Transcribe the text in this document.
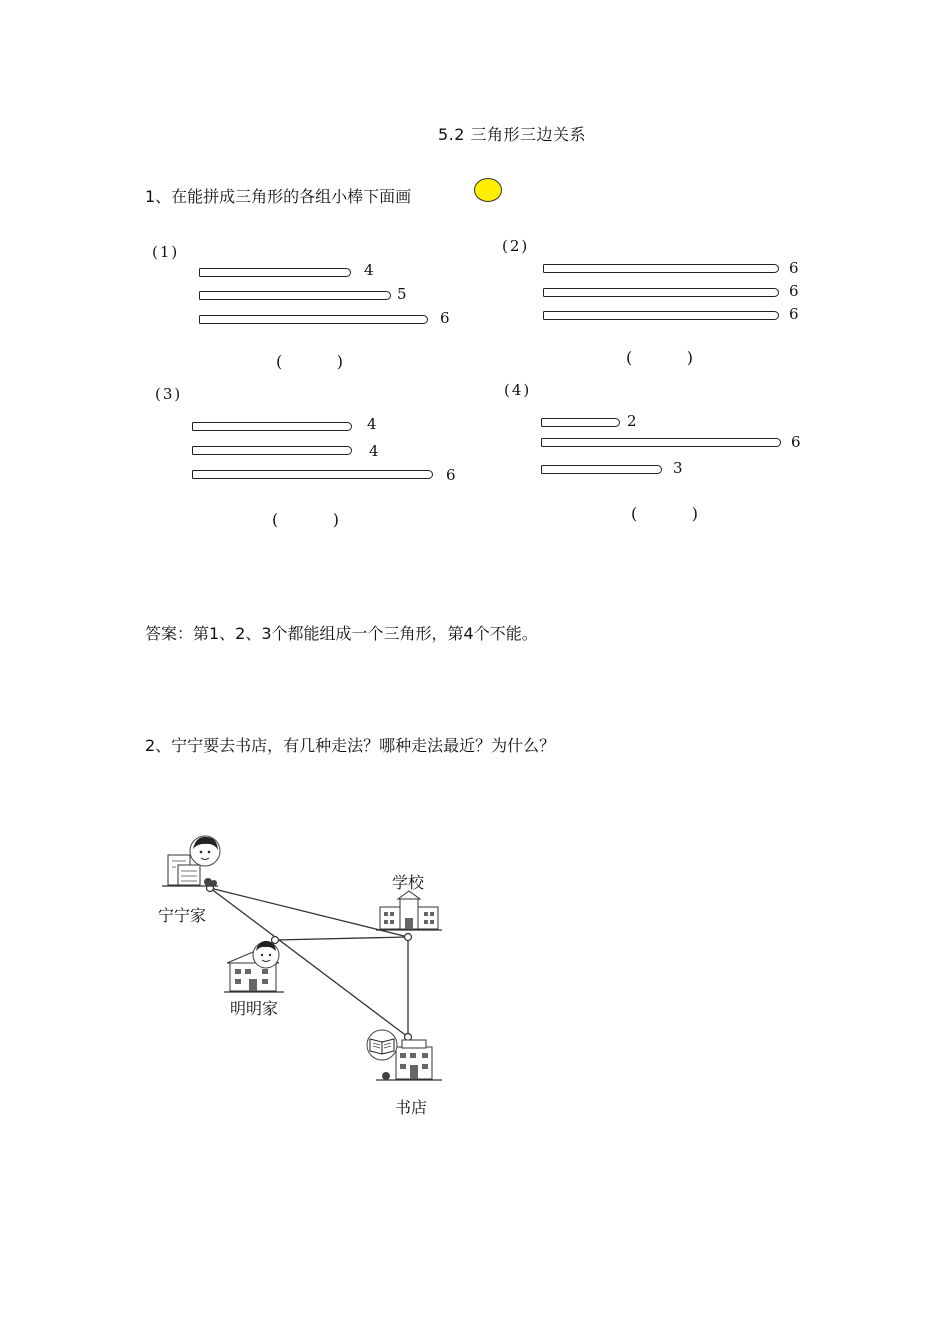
5.2 三角形三边关系
1、在能拼成三角形的各组小棒下面画
(1)
4
5
6
(      )
(2)
6
6
6
(      )
(3)
4
4
6
(      )
(4)
2
6
3
(      )
答案：第1、2、3个都能组成一个三角形，第4个不能。
2、宁宁要去书店，有几种走法？哪种走法最近？为什么？
宁宁家
学校
明明家
书店
